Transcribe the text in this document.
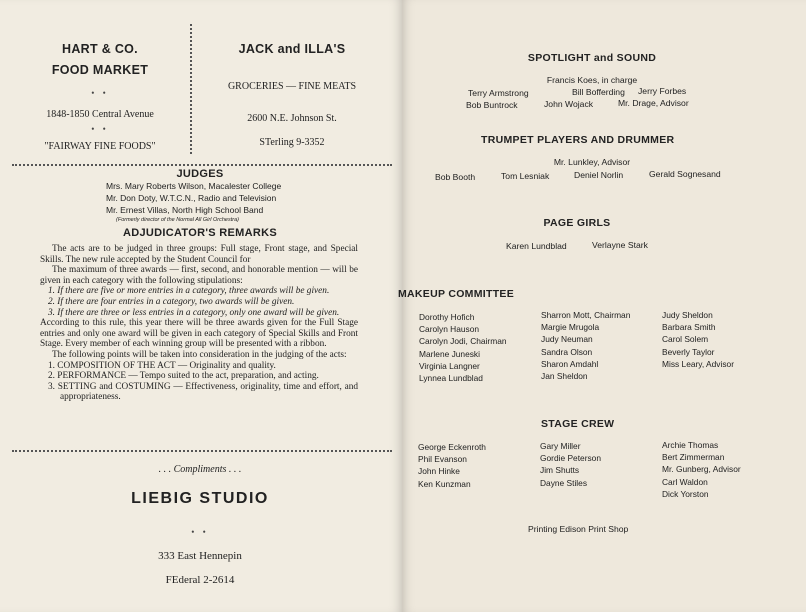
HART & CO.
FOOD MARKET
• •
1848-1850 Central Avenue
• •
"FAIRWAY FINE FOODS"
JACK and ILLA'S
GROCERIES — FINE MEATS
2600 N.E. Johnson St.
STerling 9-3352
JUDGES
Mrs. Mary Roberts Wilson, Macalester College
Mr. Don Doty, W.T.C.N., Radio and Television
Mr. Ernest Villas, North High School Band
(Formerly director of the Normal All Girl Orchestra)
ADJUDICATOR'S REMARKS

The acts are to be judged in three groups: Full stage, Front stage, and Special Skills. The new rule accepted by the Student Council for

The maximum of three awards — first, second, and honorable mention — will be given in each category with the following stipulations:

1. If there are five or more entries in a category, three awards will be given.

2. If there are four entries in a category, two awards will be given.

3. If there are three or less entries in a category, only one award will be given.

According to this rule, this year there will be three awards given for the Full Stage entries and only one award will be given in each category of Special Skills and Front Stage. Every member of each winning group will be presented with a ribbon.

The following points will be taken into consideration in the judging of the acts:

1. COMPOSITION OF THE ACT — Originality and quality.

2. PERFORMANCE — Tempo suited to the act, preparation, and acting.

3. SETTING and COSTUMING — Effectiveness, originality, time and effort, and appropriateness.

. . . Compliments . . .
LIEBIG STUDIO
• •
333 East Hennepin
FEderal 2-2614
SPOTLIGHT and SOUND
Francis Koes, in charge
Terry Armstrong	Bill Bofferding Jerry Forbes
Bob Buntrock	John Wojack	Mr. Drage, Advisor
TRUMPET PLAYERS AND DRUMMER
Mr. Lunkley, Advisor
Bob Booth	Tom Lesniak	Deniel Norlin	Gerald Sognesand
PAGE GIRLS
Karen Lundblad	Verlayne Stark
MAKEUP COMMITTEE
Dorothy Hofich
Carolyn Hauson
Carolyn Jodi, Chairman
Marlene Juneski
Virginia Langner
Lynnea Lundblad
Sharron Mott, Chairman
Margie Mrugola
Judy Neuman
Sandra Olson
Sharon Amdahl
Jan Sheldon
Judy Sheldon
Barbara Smith
Carol Solem
Beverly Taylor
Miss Leary, Advisor
STAGE CREW
George Eckenroth
Phil Evanson
John Hinke
Ken Kunzman
Gary Miller
Gordie Peterson
Jim Shutts
Dayne Stiles
Archie Thomas
Bert Zimmerman
Mr. Gunberg, Advisor
Carl Waldon
Dick Yorston
Printing Edison Print Shop
